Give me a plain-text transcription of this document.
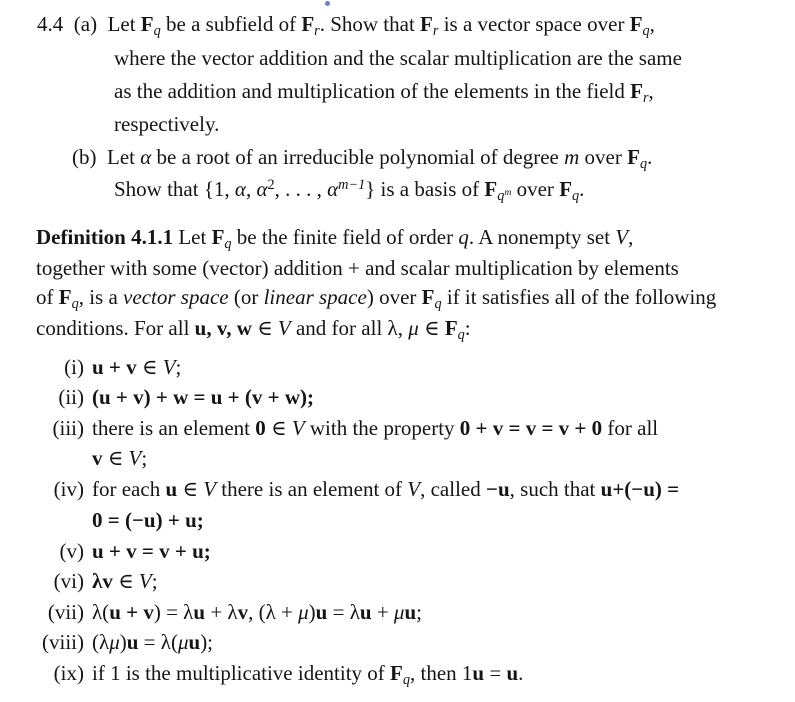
4.4 (a) Let $F_q$ be a subfield of $F_r$. Show that $F_r$ is a vector space over $F_q$,
where the vector addition and the scalar multiplication are the same
as the addition and multiplication of the elements in the field $F_r$,
respectively.
(b) Let α be a root of an irreducible polynomial of degree m over $F_q$.
Show that {1, α, $\alpha^2$, . . . , $\alpha^{m-1}$} is a basis of $F_{q^m}$ over $F_q$.
Definition 4.1.1 Let $F_q$ be the finite field of order q. A nonempty set V,
together with some (vector) addition + and scalar multiplication by elements
of $F_q$, is a vector space (or linear space) over $F_q$ if it satisfies all of the following
conditions. For all u, v, w ∈ V and for all λ, μ ∈ $F_q$:
(i) u + v ∈ V;
(ii) (u + v) + w = u + (v + w);
(iii) there is an element 0 ∈ V with the property 0 + v = v = v + 0 for all
v ∈ V;
(iv) for each u ∈ V there is an element of V, called −u, such that u+(−u) =
0 = (−u) + u;
(v) u + v = v + u;
(vi) λv ∈ V;
(vii) λ(u + v) = λu + λv, (λ + μ)u = λu + μu;
(viii) (λμ)u = λ(μu);
(ix) if 1 is the multiplicative identity of $F_q$, then 1u = u.
